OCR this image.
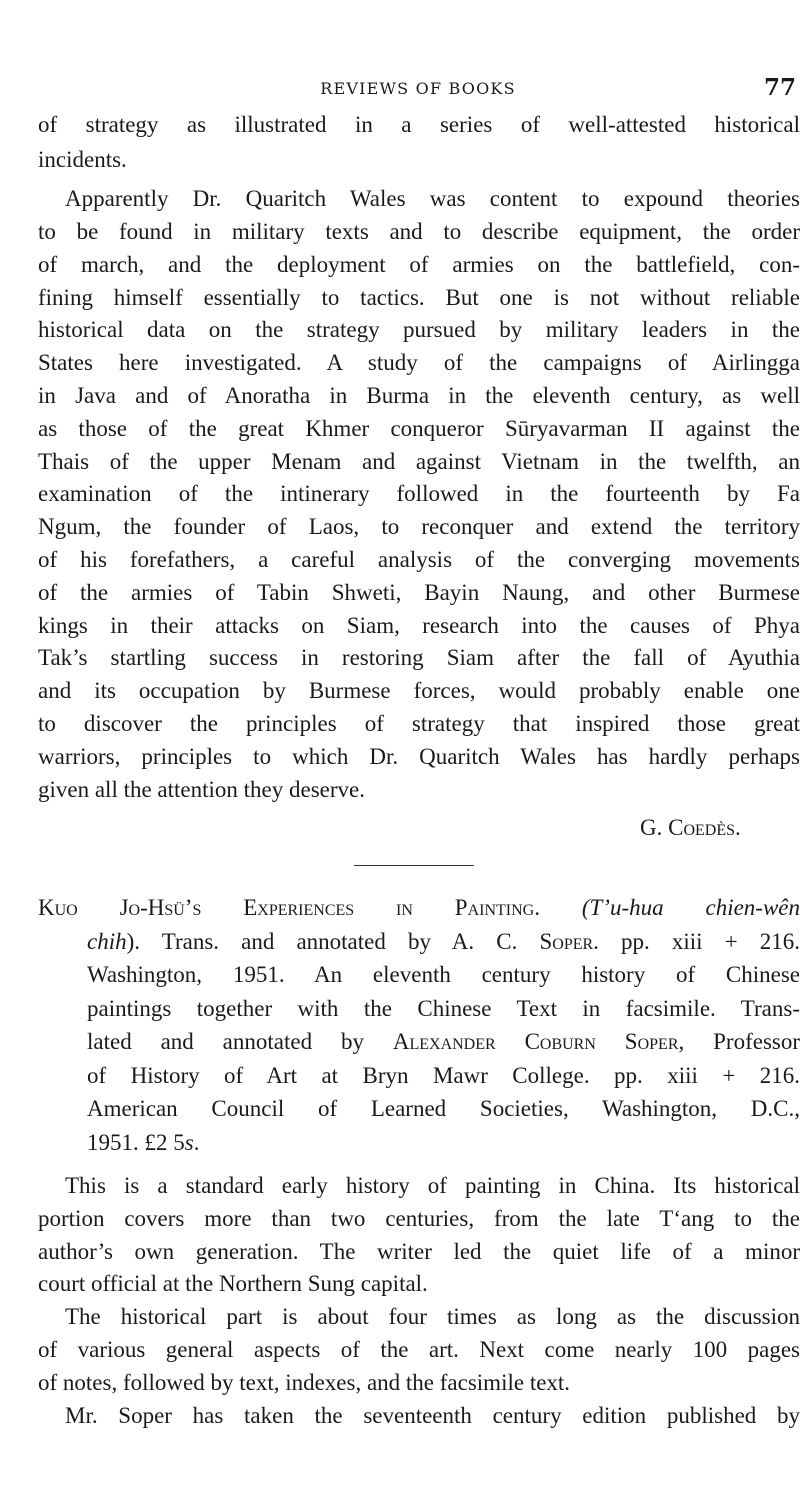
REVIEWS OF BOOKS	77
of strategy as illustrated in a series of well-attested historical
incidents.
Apparently Dr. Quaritch Wales was content to expound theories
to be found in military texts and to describe equipment, the order
of march, and the deployment of armies on the battlefield, con-
fining himself essentially to tactics. But one is not without reliable
historical data on the strategy pursued by military leaders in the
States here investigated. A study of the campaigns of Airlingga
in Java and of Anoratha in Burma in the eleventh century, as well
as those of the great Khmer conqueror Sūryavarman II against the
Thais of the upper Menam and against Vietnam in the twelfth, an
examination of the intinerary followed in the fourteenth by Fa
Ngum, the founder of Laos, to reconquer and extend the territory
of his forefathers, a careful analysis of the converging movements
of the armies of Tabin Shweti, Bayin Naung, and other Burmese
kings in their attacks on Siam, research into the causes of Phya
Tak’s startling success in restoring Siam after the fall of Ayuthia
and its occupation by Burmese forces, would probably enable one
to discover the principles of strategy that inspired those great
warriors, principles to which Dr. Quaritch Wales has hardly perhaps
given all the attention they deserve.
G. Coedès.
Kuo Jo-Hsü’s Experiences in Painting. (T’u-hua chien-wên
chih). Trans. and annotated by A. C. Soper. pp. xiii + 216.
Washington, 1951. An eleventh century history of Chinese
paintings together with the Chinese Text in facsimile. Trans-
lated and annotated by Alexander Coburn Soper, Professor
of History of Art at Bryn Mawr College. pp. xiii + 216.
American Council of Learned Societies, Washington, D.C.,
1951. £2 5s.
This is a standard early history of painting in China. Its historical
portion covers more than two centuries, from the late T‘ang to the
author’s own generation. The writer led the quiet life of a minor
court official at the Northern Sung capital.
The historical part is about four times as long as the discussion
of various general aspects of the art. Next come nearly 100 pages
of notes, followed by text, indexes, and the facsimile text.
Mr. Soper has taken the seventeenth century edition published by
